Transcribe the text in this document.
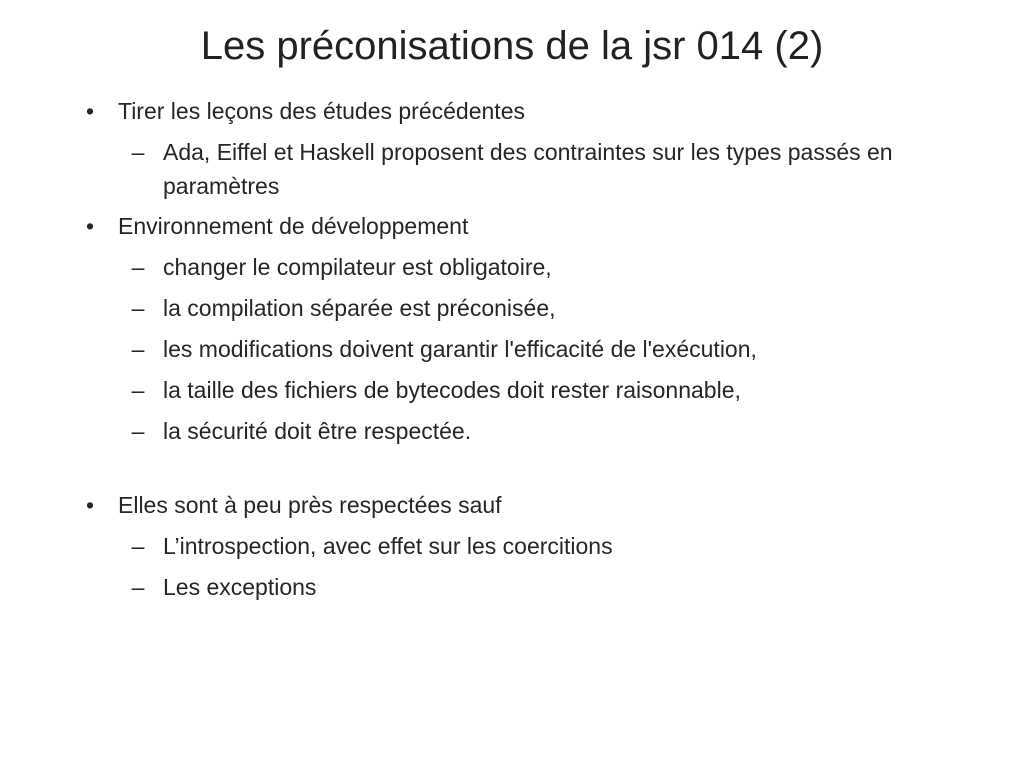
Les préconisations de la jsr 014 (2)
• Tirer les leçons des études précédentes
– Ada, Eiffel et Haskell proposent des contraintes sur les types passés en paramètres
• Environnement de développement
– changer le compilateur est obligatoire,
– la compilation séparée est préconisée,
– les modifications doivent garantir l'efficacité de l'exécution,
– la taille des fichiers de bytecodes doit rester raisonnable,
– la sécurité doit être respectée.
• Elles sont à peu près respectées sauf
– L’introspection, avec effet sur les coercitions
– Les exceptions
